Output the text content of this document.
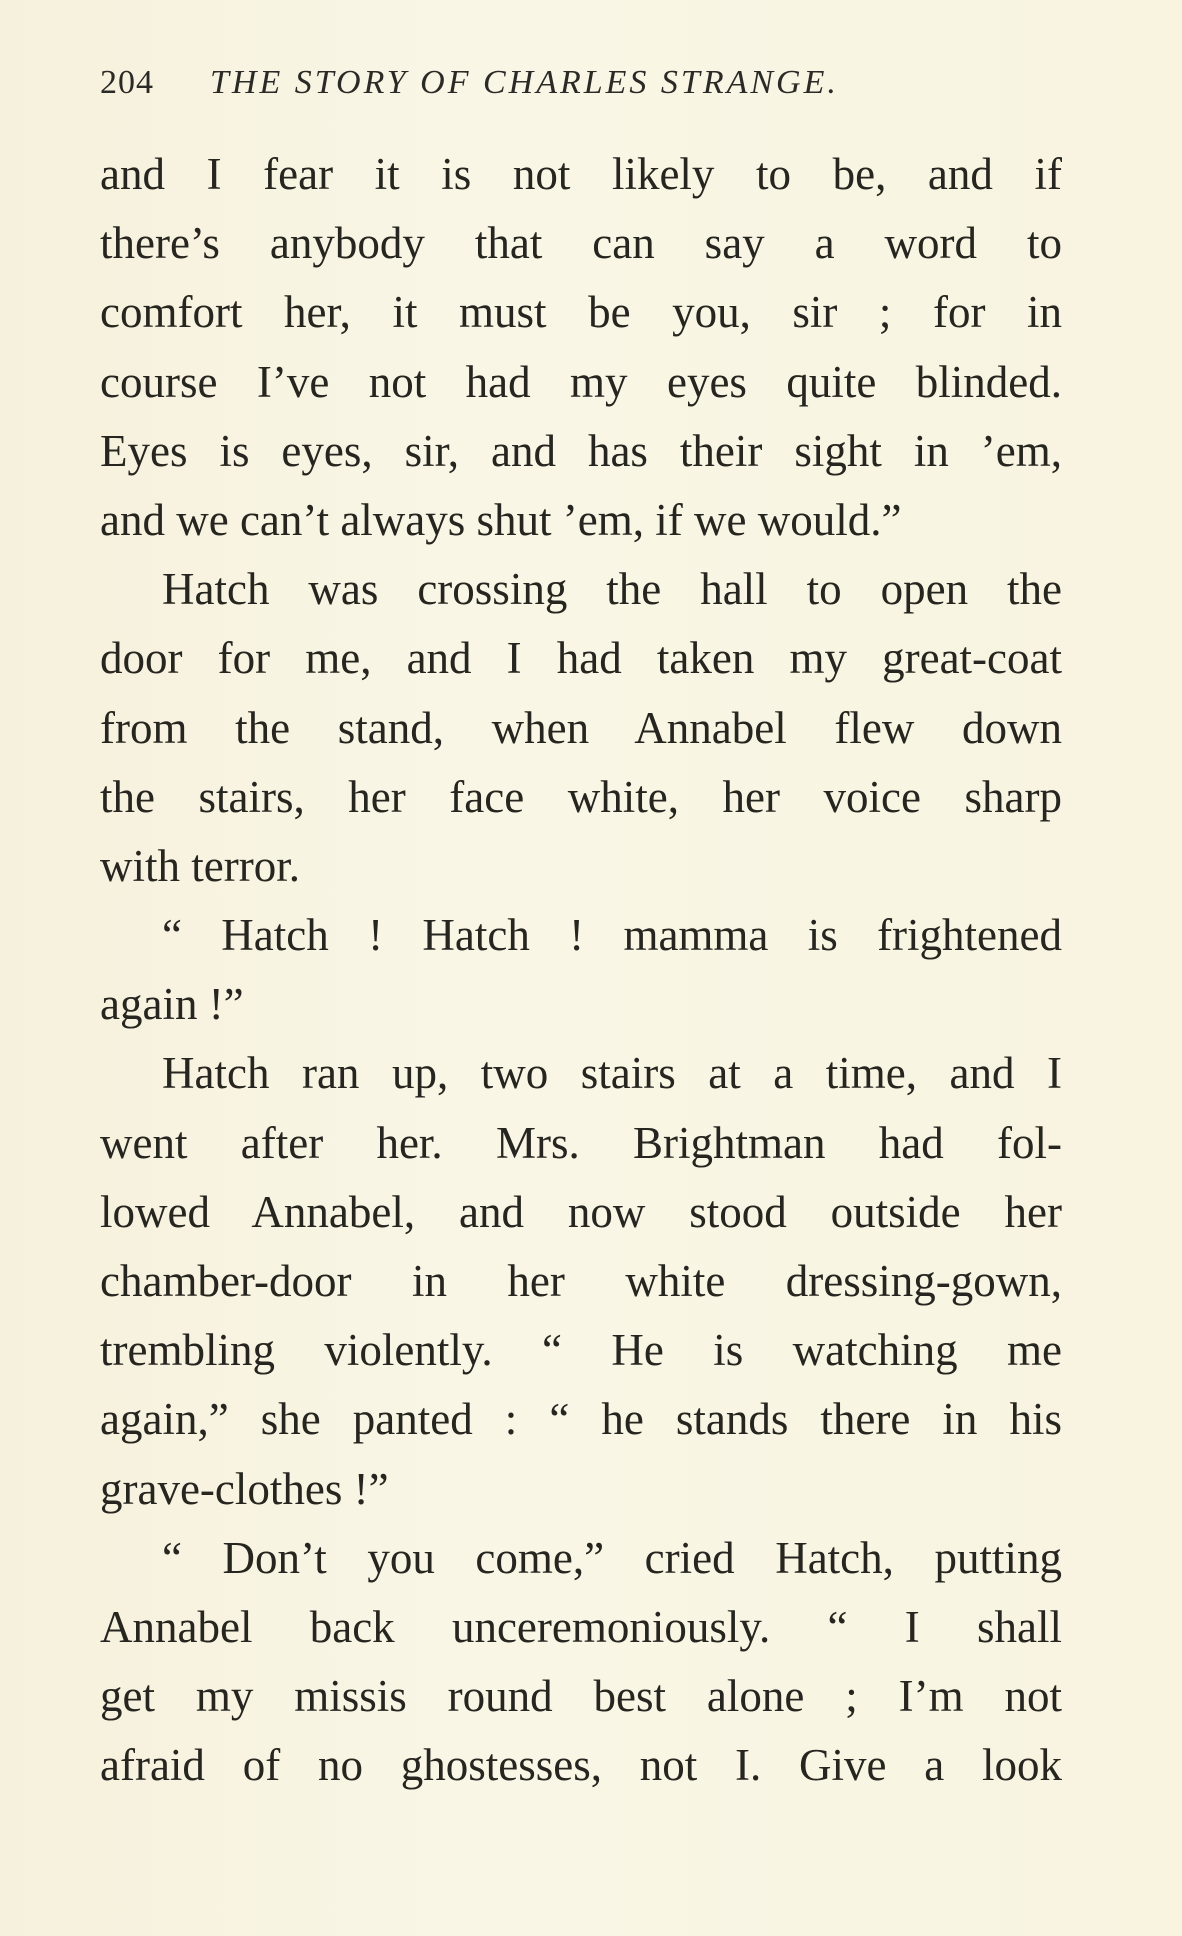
204 THE STORY OF CHARLES STRANGE.
and I fear it is not likely to be, and if
there’s anybody that can say a word to
comfort her, it must be you, sir ; for in
course I’ve not had my eyes quite blinded.
Eyes is eyes, sir, and has their sight in ’em,
and we can’t always shut ’em, if we would.”
Hatch was crossing the hall to open the
door for me, and I had taken my great-coat
from the stand, when Annabel flew down
the stairs, her face white, her voice sharp
with terror.
“ Hatch ! Hatch ! mamma is frightened
again !”
Hatch ran up, two stairs at a time, and I
went after her. Mrs. Brightman had fol-
lowed Annabel, and now stood outside her
chamber-door in her white dressing-gown,
trembling violently. “ He is watching me
again,” she panted : “ he stands there in his
grave-clothes !”
“ Don’t you come,” cried Hatch, putting
Annabel back unceremoniously. “ I shall
get my missis round best alone ; I’m not
afraid of no ghostesses, not I. Give a look
